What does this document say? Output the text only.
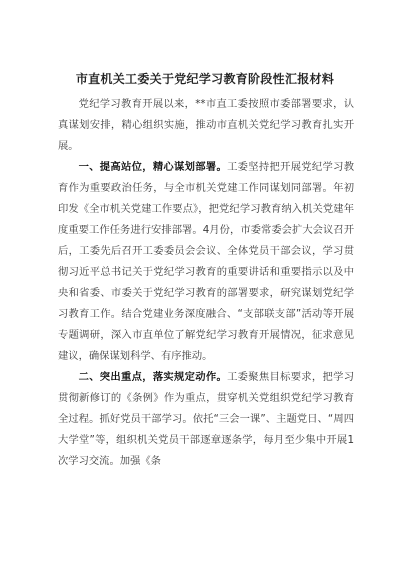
市直机关工委关于党纪学习教育阶段性汇报材料

党纪学习教育开展以来，**市直工委按照市委部署要求，认真谋划安排，精心组织实施，推动市直机关党纪学习教育扎实开展。

一、提高站位，精心谋划部署。工委坚持把开展党纪学习教育作为重要政治任务，与全市机关党建工作同谋划同部署。年初印发《全市机关党建工作要点》，把党纪学习教育纳入机关党建年度重要工作任务进行安排部署。4月份，市委常委会扩大会议召开后，工委先后召开工委委员会会议、全体党员干部会议，学习贯彻习近平总书记关于党纪学习教育的重要讲话和重要指示以及中央和省委、市委关于党纪学习教育的部署要求，研究谋划党纪学习教育工作。结合党建业务深度融合、“支部联支部”活动等开展专题调研，深入市直单位了解党纪学习教育开展情况，征求意见建议，确保谋划科学、有序推动。

二、突出重点，落实规定动作。工委聚焦目标要求，把学习贯彻新修订的《条例》作为重点，贯穿机关党组织党纪学习教育全过程。抓好党员干部学习。依托“三会一课”、主题党日、“周四大学堂”等，组织机关党员干部逐章逐条学，每月至少集中开展1次学习交流。加强《条
